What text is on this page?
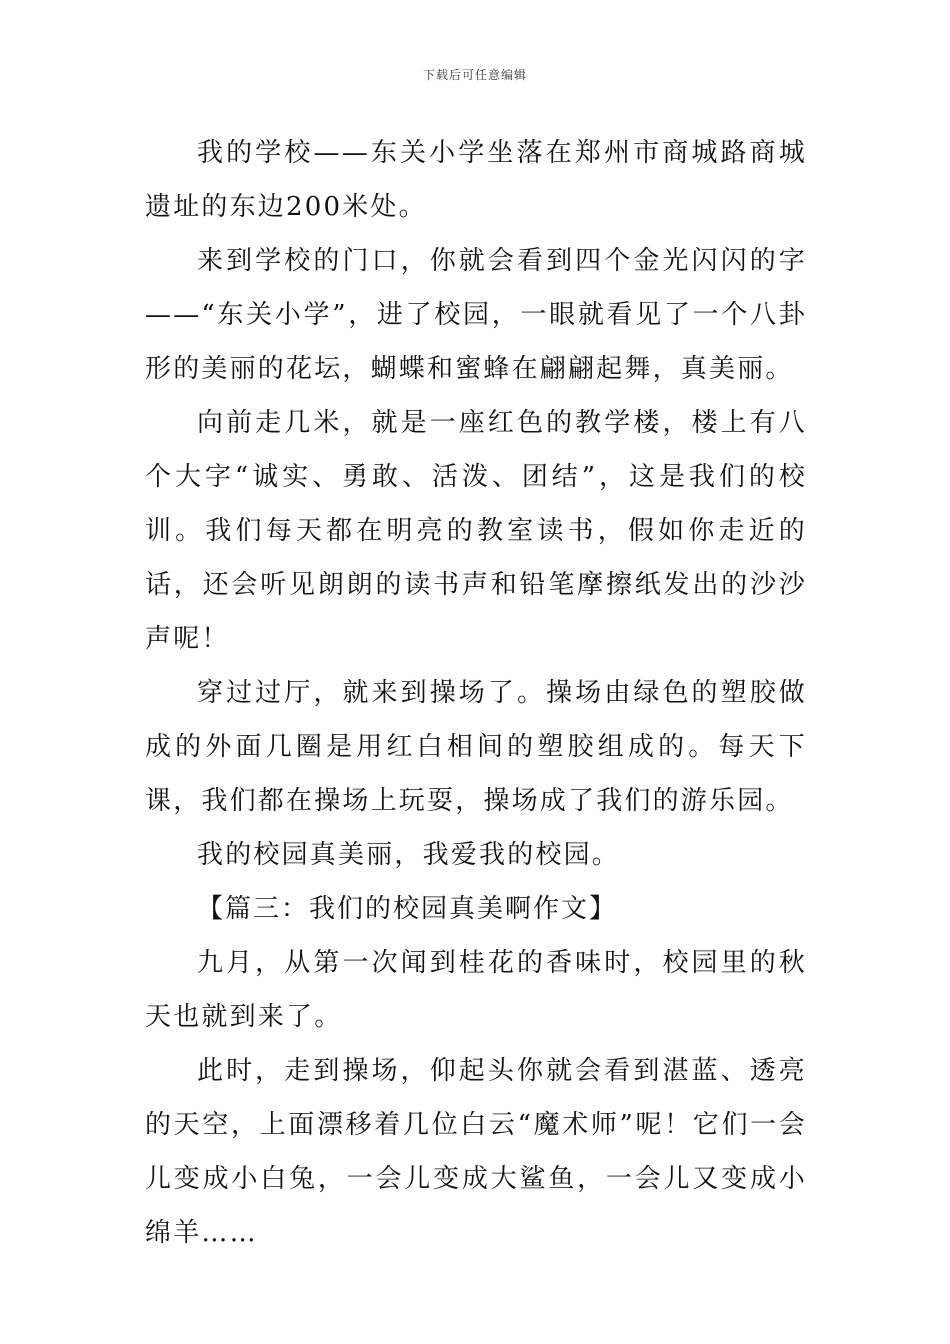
下载后可任意编辑

我的学校——东关小学坐落在郑州市商城路商城遗址的东边200米处。

来到学校的门口，你就会看到四个金光闪闪的字——“东关小学”，进了校园，一眼就看见了一个八卦形的美丽的花坛，蝴蝶和蜜蜂在翩翩起舞，真美丽。

向前走几米，就是一座红色的教学楼，楼上有八个大字“诚实、勇敢、活泼、团结”，这是我们的校训。我们每天都在明亮的教室读书，假如你走近的话，还会听见朗朗的读书声和铅笔摩擦纸发出的沙沙声呢！

穿过过厅，就来到操场了。操场由绿色的塑胶做成的外面几圈是用红白相间的塑胶组成的。每天下课，我们都在操场上玩耍，操场成了我们的游乐园。

我的校园真美丽，我爱我的校园。

【篇三：我们的校园真美啊作文】

九月，从第一次闻到桂花的香味时，校园里的秋天也就到来了。

此时，走到操场，仰起头你就会看到湛蓝、透亮的天空，上面漂移着几位白云“魔术师”呢！它们一会儿变成小白兔，一会儿变成大鲨鱼，一会儿又变成小绵羊……
